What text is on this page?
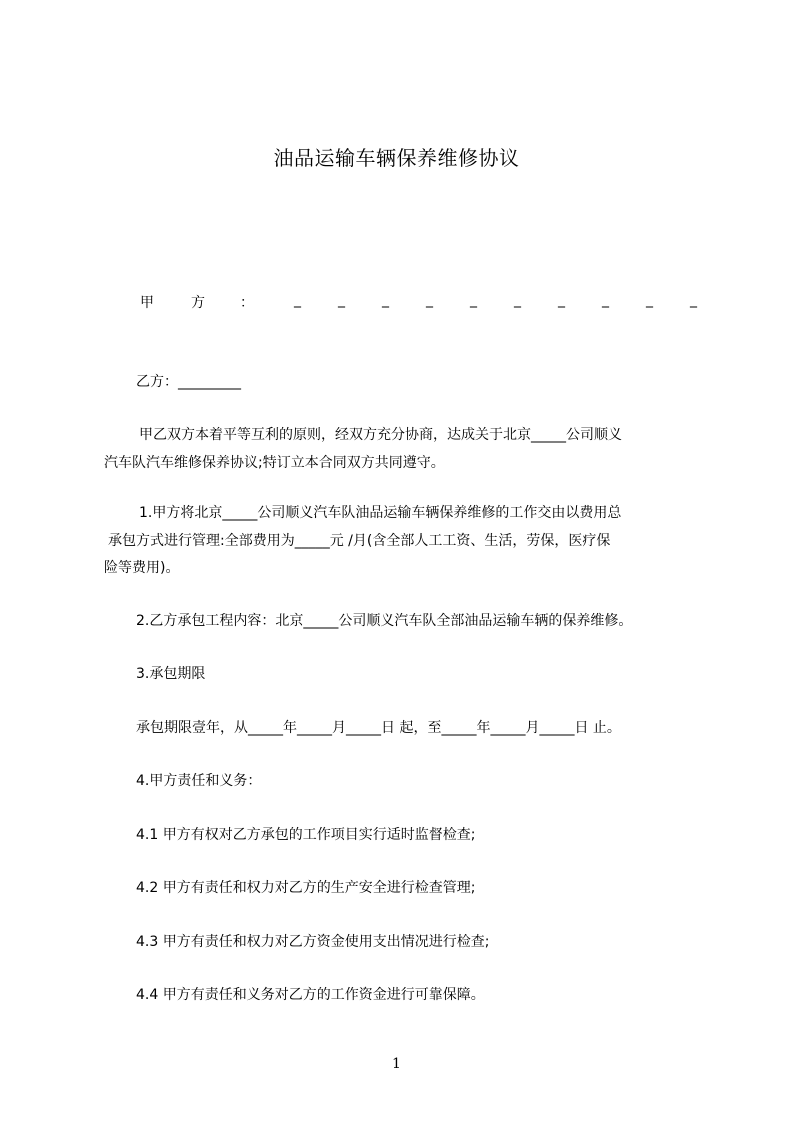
油品运输车辆保养维修协议
甲	方	：	_	_	_	_	_	_	_	_	_	_
乙方：_________
甲乙双方本着平等互利的原则，经双方充分协商，达成关于北京_____公司顺义
汽车队汽车维修保养协议;特订立本合同双方共同遵守。
1.甲方将北京_____公司顺义汽车队油品运输车辆保养维修的工作交由以费用总
承包方式进行管理:全部费用为_____元 /月(含全部人工工资、生活，劳保，医疗保
险等费用)。
2.乙方承包工程内容：北京_____公司顺义汽车队全部油品运输车辆的保养维修。
3.承包期限
承包期限壹年，从_____年_____月_____日 起，至_____年_____月_____日 止。
4.甲方责任和义务：
4.1 甲方有权对乙方承包的工作项目实行适时监督检查;
4.2 甲方有责任和权力对乙方的生产安全进行检查管理;
4.3 甲方有责任和权力对乙方资金使用支出情况进行检查;
4.4 甲方有责任和义务对乙方的工作资金进行可靠保障。
1
